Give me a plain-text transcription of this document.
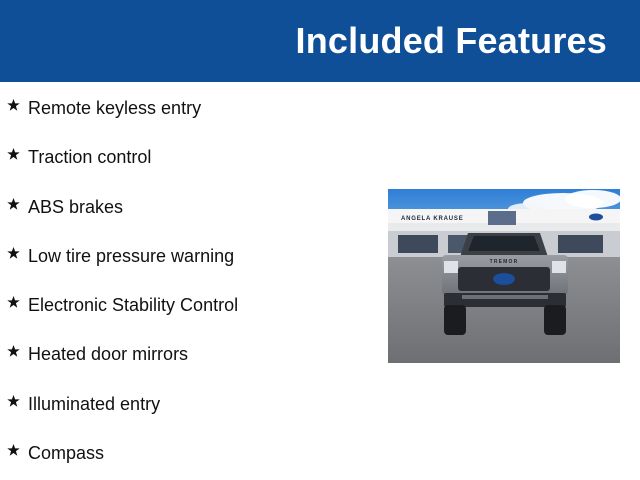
Included Features
Remote keyless entry
Traction control
ABS brakes
Low tire pressure warning
Electronic Stability Control
Heated door mirrors
Illuminated entry
Compass
ANGELA KRAUSE
TREMOR
